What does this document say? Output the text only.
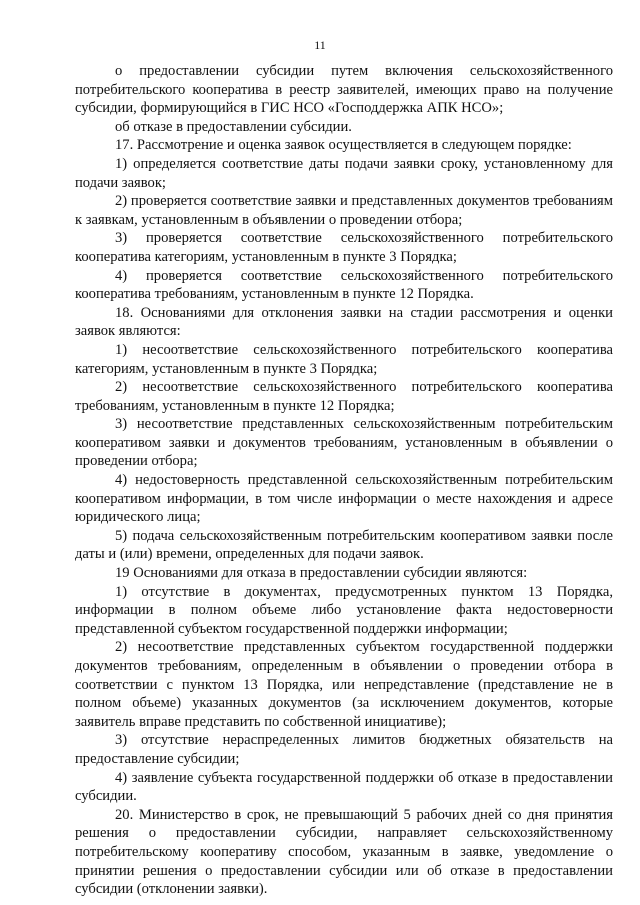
11

о предоставлении субсидии путем включения сельскохозяйственного потребительского кооператива в реестр заявителей, имеющих право на получение субсидии, формирующийся в ГИС НСО «Господдержка АПК НСО»;

об отказе в предоставлении субсидии.

17. Рассмотрение и оценка заявок осуществляется в следующем порядке:

1) определяется соответствие даты подачи заявки сроку, установленному для подачи заявок;

2) проверяется соответствие заявки и представленных документов требованиям к заявкам, установленным в объявлении о проведении отбора;

3) проверяется соответствие сельскохозяйственного потребительского кооператива категориям, установленным в пункте 3 Порядка;

4) проверяется соответствие сельскохозяйственного потребительского кооператива требованиям, установленным в пункте 12 Порядка.

18. Основаниями для отклонения заявки на стадии рассмотрения и оценки заявок являются:

1) несоответствие сельскохозяйственного потребительского кооператива категориям, установленным в пункте 3 Порядка;

2) несоответствие сельскохозяйственного потребительского кооператива требованиям, установленным в пункте 12 Порядка;

3) несоответствие представленных сельскохозяйственным потребительским кооперативом заявки и документов требованиям, установленным в объявлении о проведении отбора;

4) недостоверность представленной сельскохозяйственным потребительским кооперативом информации, в том числе информации о месте нахождения и адресе юридического лица;

5) подача сельскохозяйственным потребительским кооперативом заявки после даты и (или) времени, определенных для подачи заявок.

19 Основаниями для отказа в предоставлении субсидии являются:

1) отсутствие в документах, предусмотренных пунктом 13 Порядка, информации в полном объеме либо установление факта недостоверности представленной субъектом государственной поддержки информации;

2) несоответствие представленных субъектом государственной поддержки документов требованиям, определенным в объявлении о проведении отбора в соответствии с пунктом 13 Порядка, или непредставление (представление не в полном объеме) указанных документов (за исключением документов, которые заявитель вправе представить по собственной инициативе);

3) отсутствие нераспределенных лимитов бюджетных обязательств на предоставление субсидии;

4) заявление субъекта государственной поддержки об отказе в предоставлении субсидии.

20. Министерство в срок, не превышающий 5 рабочих дней со дня принятия решения о предоставлении субсидии, направляет сельскохозяйственному потребительскому кооперативу способом, указанным в заявке, уведомление о принятии решения о предоставлении субсидии или об отказе в предоставлении субсидии (отклонении заявки).
